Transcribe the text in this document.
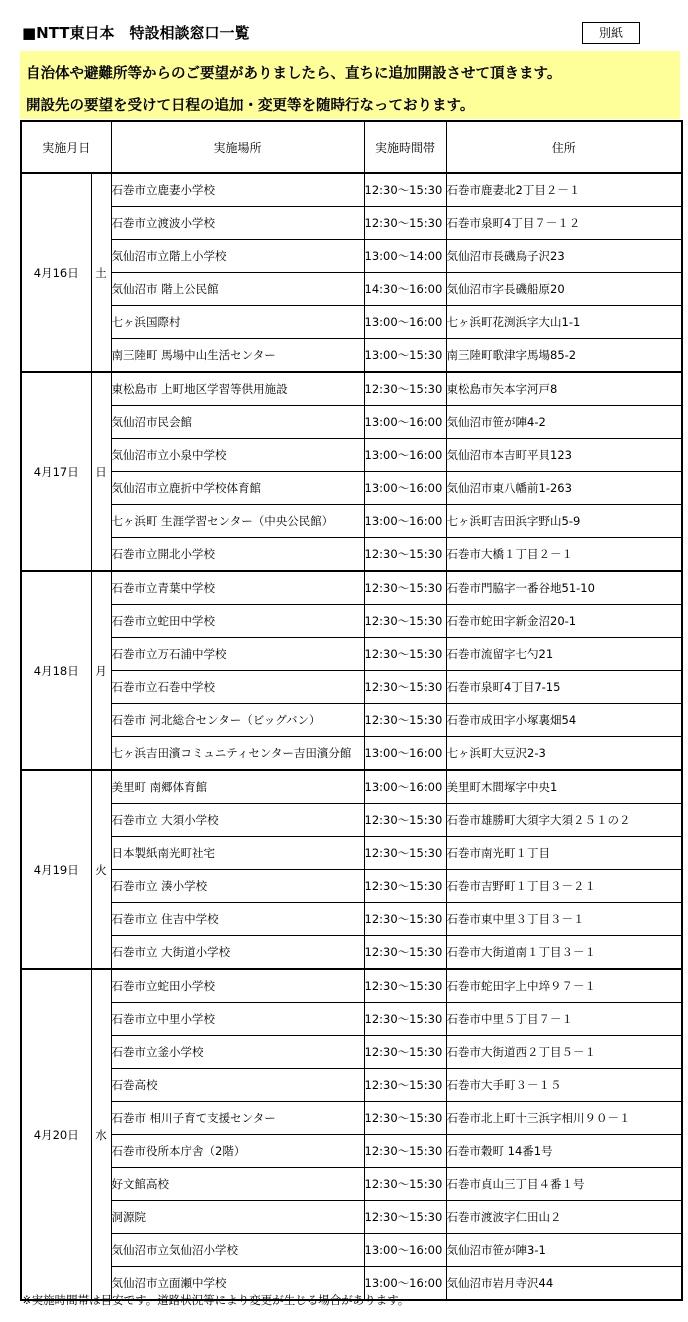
■NTT東日本　特設相談窓口一覧	別紙
自治体や避難所等からのご要望がありましたら、直ちに追加開設させて頂きます。
開設先の要望を受けて日程の追加・変更等を随時行なっております。
実施月日		実施場所	実施時間帯	住所
4月16日	土	石巻市立鹿妻小学校	12:30～15:30	石巻市鹿妻北2丁目２－１
		石巻市立渡波小学校	12:30～15:30	石巻市泉町4丁目７－１２
		気仙沼市立階上小学校	13:00～14:00	気仙沼市長磯鳥子沢23
		気仙沼市 階上公民館	14:30～16:00	気仙沼市字長磯船原20
		七ヶ浜国際村	13:00～16:00	七ヶ浜町花渕浜字大山1-1
		南三陸町 馬場中山生活センター	13:00～15:30	南三陸町歌津字馬場85-2
4月17日	日	東松島市 上町地区学習等供用施設	12:30～15:30	東松島市矢本字河戸8
		気仙沼市民会館	13:00～16:00	気仙沼市笹が陣4-2
		気仙沼市立小泉中学校	13:00～16:00	気仙沼市本吉町平貝123
		気仙沼市立鹿折中学校体育館	13:00～16:00	気仙沼市東八幡前1-263
		七ヶ浜町 生涯学習センター（中央公民館）	13:00～16:00	七ヶ浜町吉田浜字野山5-9
		石巻市立開北小学校	12:30～15:30	石巻市大橋１丁目２－１
4月18日	月	石巻市立青葉中学校	12:30～15:30	石巻市門脇字一番谷地51-10
		石巻市立蛇田中学校	12:30～15:30	石巻市蛇田字新金沼20-1
		石巻市立万石浦中学校	12:30～15:30	石巻市流留字七勺21
		石巻市立石巻中学校	12:30～15:30	石巻市泉町4丁目7-15
		石巻市 河北総合センター（ビッグバン）	12:30～15:30	石巻市成田字小塚裏畑54
		七ヶ浜吉田濱コミュニティセンター吉田濱分館	13:00～16:00	七ヶ浜町大豆沢2-3
4月19日	火	美里町 南郷体育館	13:00～16:00	美里町木間塚字中央1
		石巻市立 大須小学校	12:30～15:30	石巻市雄勝町大須字大須２５１の２
		日本製紙南光町社宅	12:30～15:30	石巻市南光町１丁目
		石巻市立 湊小学校	12:30～15:30	石巻市吉野町１丁目３－２１
		石巻市立 住吉中学校	12:30～15:30	石巻市東中里３丁目３－１
		石巻市立 大街道小学校	12:30～15:30	石巻市大街道南１丁目３－１
4月20日	水	石巻市立蛇田小学校	12:30～15:30	石巻市蛇田字上中埣９７－１
		石巻市立中里小学校	12:30～15:30	石巻市中里５丁目７－１
		石巻市立釜小学校	12:30～15:30	石巻市大街道西２丁目５－１
		石巻高校	12:30～15:30	石巻市大手町３－１５
		石巻市 相川子育て支援センター	12:30～15:30	石巻市北上町十三浜字相川９０－１
		石巻市役所本庁舎（2階）	12:30～15:30	石巻市穀町 14番1号
		好文館高校	12:30～15:30	石巻市貞山三丁目４番１号
		洞源院	12:30～15:30	石巻市渡波字仁田山２
		気仙沼市立気仙沼小学校	13:00～16:00	気仙沼市笹が陣3-1
		気仙沼市立面瀬中学校	13:00～16:00	気仙沼市岩月寺沢44
※実施時間帯は目安です。道路状況等により変更が生じる場合があります。
